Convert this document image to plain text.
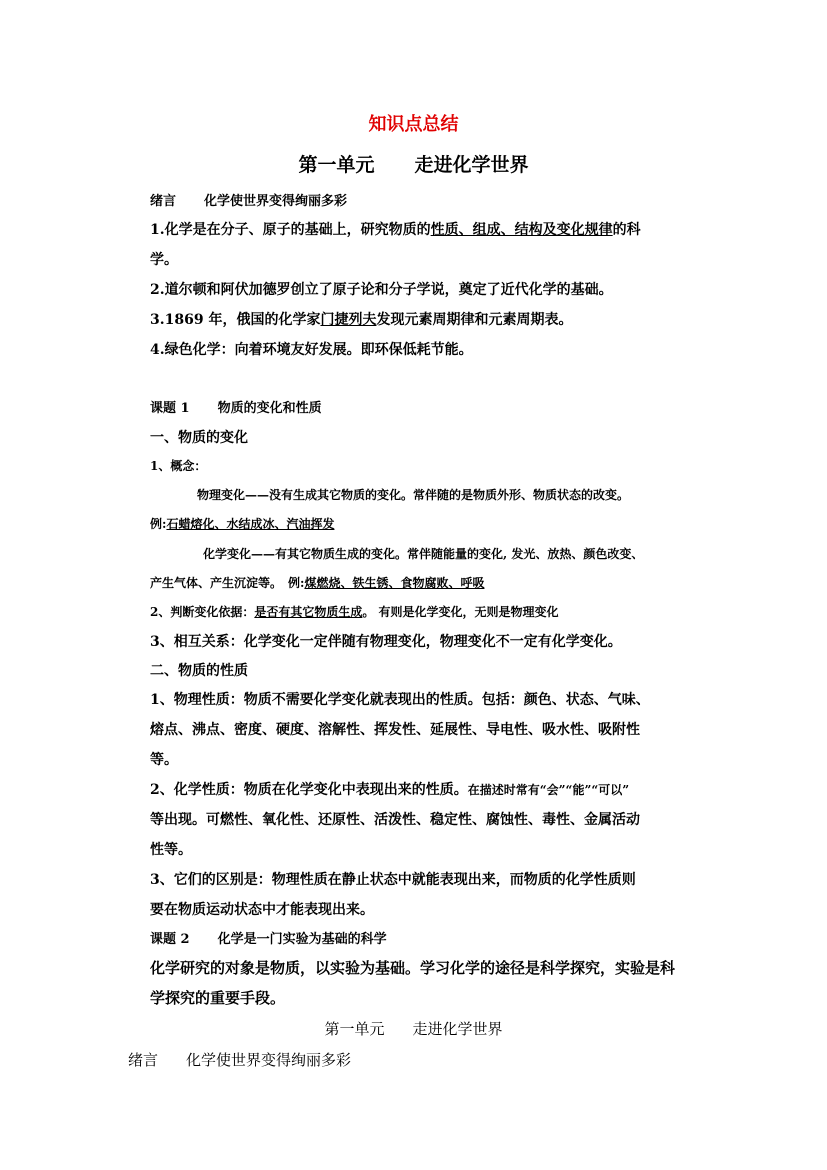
知识点总结
第一单元 走进化学世界
绪言 化学使世界变得绚丽多彩
1.化学是在分子、原子的基础上，研究物质的性质、组成、结构及变化规律的科
学。
2.道尔顿和阿伏加德罗创立了原子论和分子学说，奠定了近代化学的基础。
3.1869 年，俄国的化学家门捷列夫发现元素周期律和元素周期表。
4.绿色化学：向着环境友好发展。即环保低耗节能。
课题 1 物质的变化和性质
一、物质的变化
1、概念：
物理变化——没有生成其它物质的变化。常伴随的是物质外形、物质状态的改变。
例:石蜡熔化、水结成冰、汽油挥发
化学变化——有其它物质生成的变化。常伴随能量的变化, 发光、放热、颜色改变、
产生气体、产生沉淀等。　例:煤燃烧、铁生锈、食物腐败、呼吸
2、判断变化依据：是否有其它物质生成。 有则是化学变化，无则是物理变化
3、相互关系：化学变化一定伴随有物理变化，物理变化不一定有化学变化。
二、物质的性质
1、物理性质：物质不需要化学变化就表现出的性质。包括：颜色、状态、气味、
熔点、沸点、密度、硬度、溶解性、挥发性、延展性、导电性、吸水性、吸附性
等。
2、化学性质：物质在化学变化中表现出来的性质。在描述时常有“会”“能”“可以”
等出现。可燃性、氧化性、还原性、活泼性、稳定性、腐蚀性、毒性、金属活动
性等。
3、它们的区别是：物理性质在静止状态中就能表现出来，而物质的化学性质则
要在物质运动状态中才能表现出来。
课题 2 化学是一门实验为基础的科学
化学研究的对象是物质，以实验为基础。学习化学的途径是科学探究，实验是科
学探究的重要手段。
第一单元 走进化学世界
绪言 化学使世界变得绚丽多彩
